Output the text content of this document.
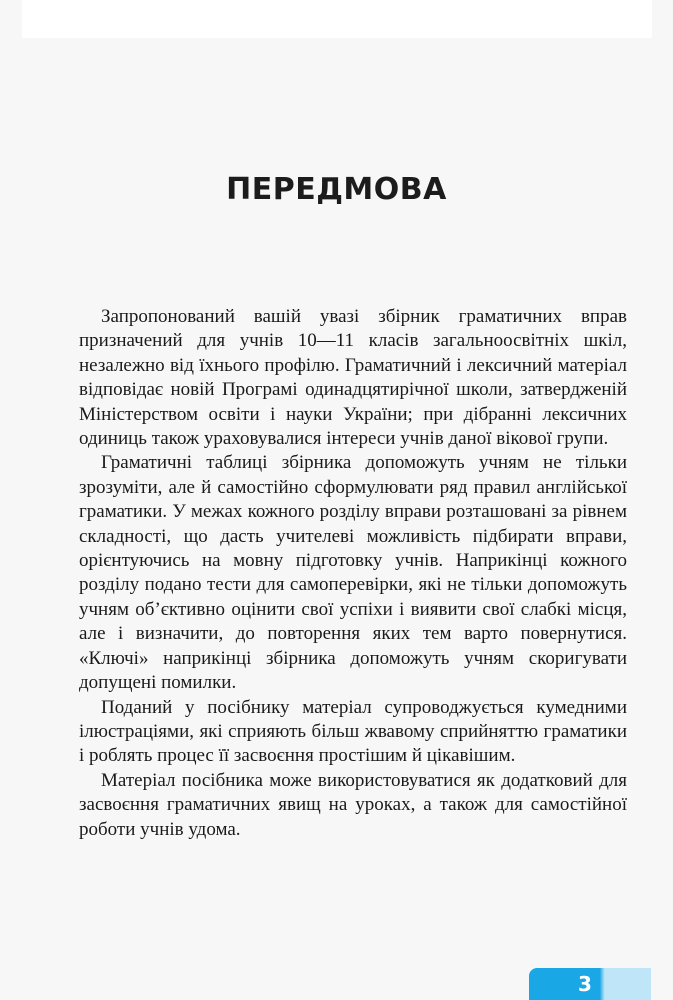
ПЕРЕДМОВА

Запропонований вашій увазі збірник граматичних вправ призначений для учнів 10—11 класів загальноосвітніх шкіл, незалежно від їхнього профілю. Граматичний і лексичний матеріал відповідає новій Програмі одинадцятирічної школи, затвердженій Міністерством освіти і науки України; при дібранні лексичних одиниць також ураховувалися інтереси учнів даної вікової групи.

Граматичні таблиці збірника допоможуть учням не тільки зрозуміти, але й самостійно сформулювати ряд правил англійської граматики. У межах кожного розділу вправи розташовані за рівнем складності, що дасть учителеві можливість підбирати вправи, орієнтуючись на мовну підготовку учнів. Наприкінці кожного розділу подано тести для самоперевірки, які не тільки допоможуть учням об’єктивно оцінити свої успіхи і виявити свої слабкі місця, але і визначити, до повторення яких тем варто повернутися. «Ключі» наприкінці збірника допоможуть учням скоригувати допущені помилки.

Поданий у посібнику матеріал супроводжується кумедними ілюстраціями, які сприяють більш жвавому сприйняттю граматики і роблять процес її засвоєння простішим й цікавішим.

Матеріал посібника може використовуватися як додатковий для засвоєння граматичних явищ на уроках, а також для самостійної роботи учнів удома.

3
